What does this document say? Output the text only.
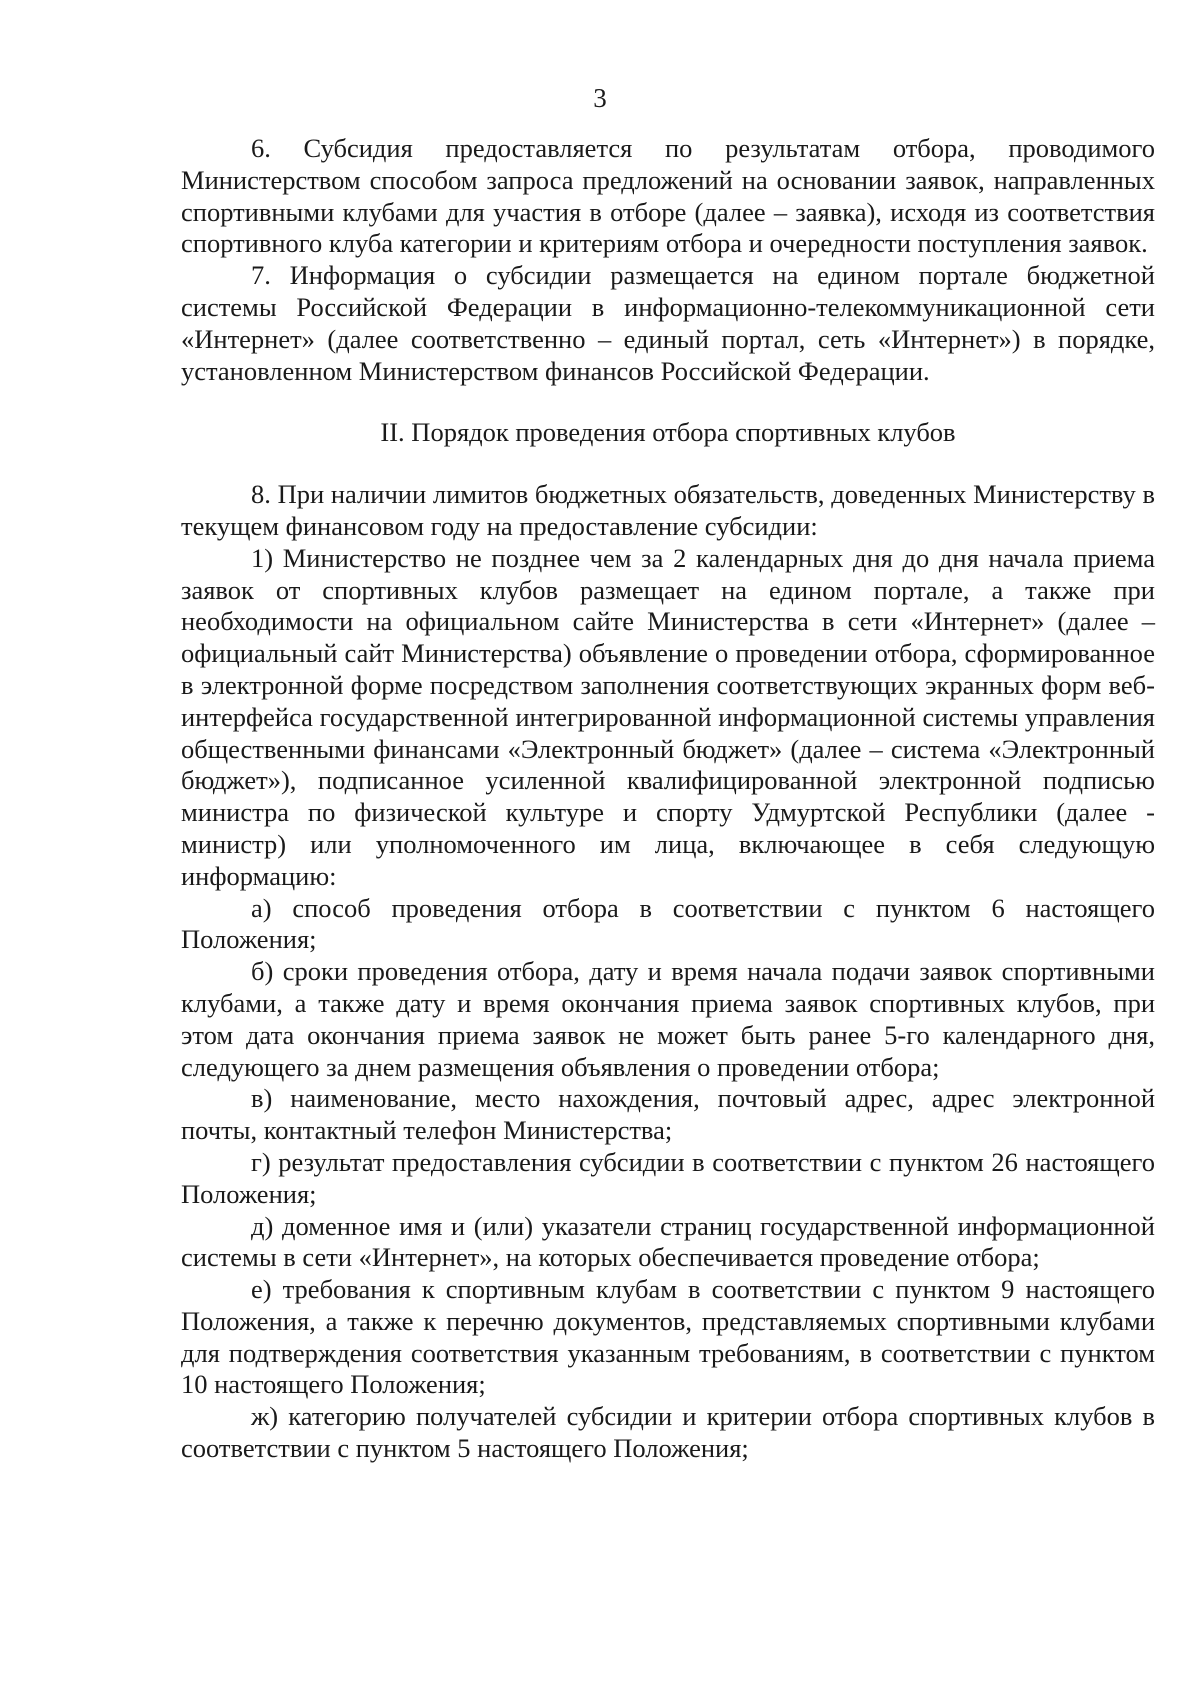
3

6. Субсидия предоставляется по результатам отбора, проводимого Министерством способом запроса предложений на основании заявок, направленных спортивными клубами для участия в отборе (далее – заявка), исходя из соответствия спортивного клуба категории и критериям отбора и очередности поступления заявок.

7. Информация о субсидии размещается на едином портале бюджетной системы Российской Федерации в информационно-телекоммуникационной сети «Интернет» (далее соответственно – единый портал, сеть «Интернет») в порядке, установленном Министерством финансов Российской Федерации.

II. Порядок проведения отбора спортивных клубов

8. При наличии лимитов бюджетных обязательств, доведенных Министерству в текущем финансовом году на предоставление субсидии:

1) Министерство не позднее чем за 2 календарных дня до дня начала приема заявок от спортивных клубов размещает на едином портале, а также при необходимости на официальном сайте Министерства в сети «Интернет» (далее – официальный сайт Министерства) объявление о проведении отбора, сформированное в электронной форме посредством заполнения соответствующих экранных форм веб-интерфейса государственной интегрированной информационной системы управления общественными финансами «Электронный бюджет» (далее – система «Электронный бюджет»), подписанное усиленной квалифицированной электронной подписью министра по физической культуре и спорту Удмуртской Республики (далее - министр) или уполномоченного им лица, включающее в себя следующую информацию:

а) способ проведения отбора в соответствии с пунктом 6 настоящего Положения;

б) сроки проведения отбора, дату и время начала подачи заявок спортивными клубами, а также дату и время окончания приема заявок спортивных клубов, при этом дата окончания приема заявок не может быть ранее 5-го календарного дня, следующего за днем размещения объявления о проведении отбора;

в) наименование, место нахождения, почтовый адрес, адрес электронной почты, контактный телефон Министерства;

г) результат предоставления субсидии в соответствии с пунктом 26 настоящего Положения;

д) доменное имя и (или) указатели страниц государственной информационной системы в сети «Интернет», на которых обеспечивается проведение отбора;

е) требования к спортивным клубам в соответствии с пунктом 9 настоящего Положения, а также к перечню документов, представляемых спортивными клубами для подтверждения соответствия указанным требованиям, в соответствии с пунктом 10 настоящего Положения;

ж) категорию получателей субсидии и критерии отбора спортивных клубов в соответствии с пунктом 5 настоящего Положения;
